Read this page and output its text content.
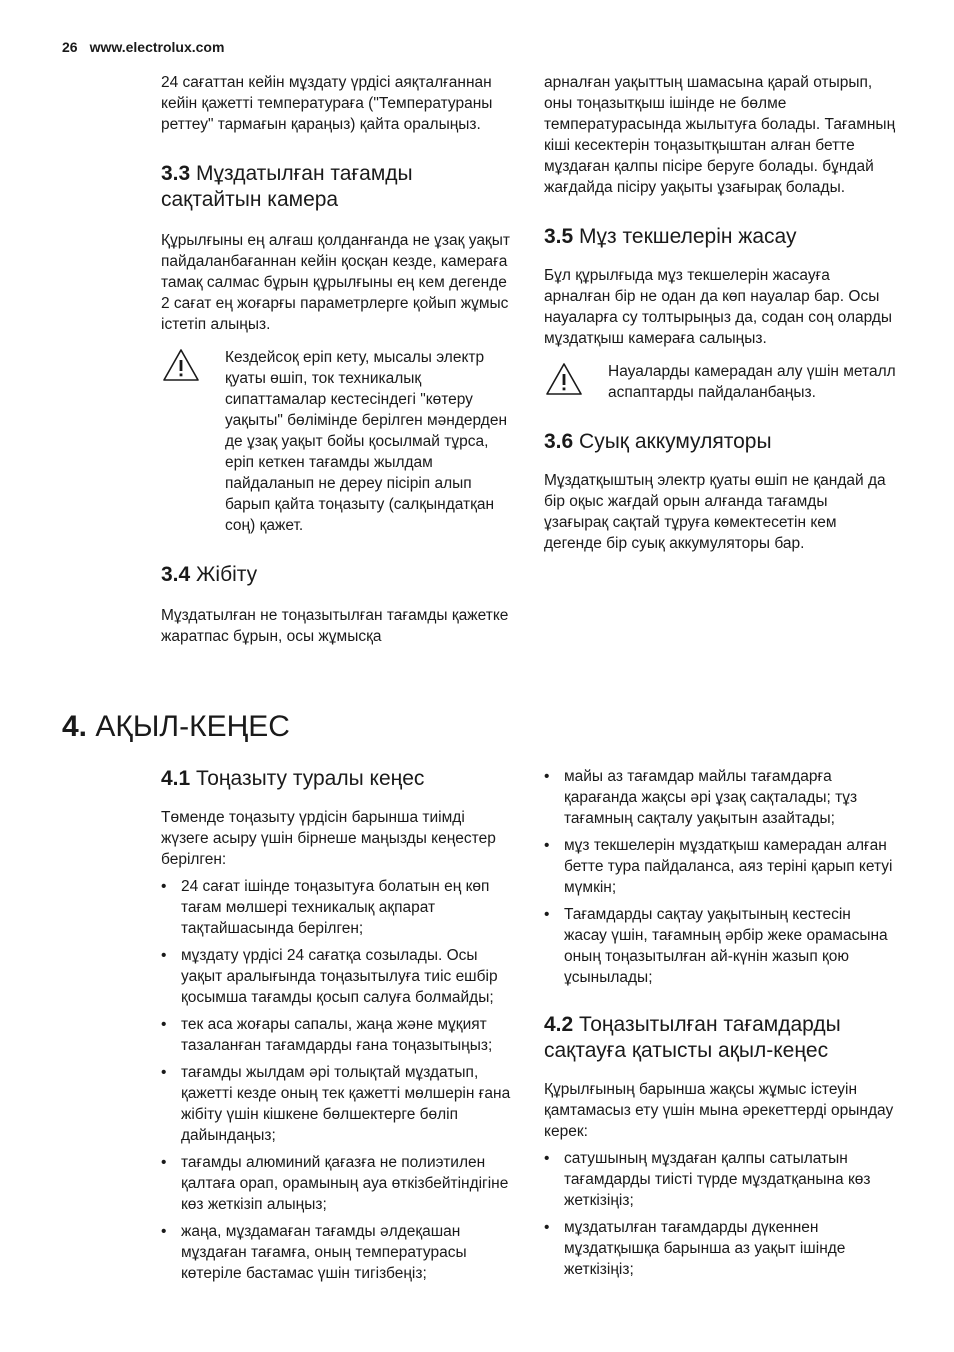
26 www.electrolux.com

24 сағаттан кейін мұздату үрдісі аяқталғаннан кейін қажетті температураға ("Температураны реттеу" тармағын қараңыз) қайта оралыңыз.

3.3 Мұздатылған тағамды сақтайтын камера

Құрылғыны ең алғаш қолданғанда не ұзақ уақыт пайдаланбағаннан кейін қосқан кезде, камераға тамақ салмас бұрын құрылғыны ең кем дегенде 2 сағат ең жоғарғы параметрлерге қойып жұмыс істетіп алыңыз.

Кездейсоқ еріп кету, мысалы электр қуаты өшіп, ток техникалық сипаттамалар кестесіндегі "көтеру уақыты" бөлімінде берілген мәндерден де ұзақ уақыт бойы қосылмай тұрса, еріп кеткен тағамды жылдам пайдаланып не дереу пісіріп алып барып қайта тоңазыту (салқындатқан соң) қажет.

3.4 Жібіту

Мұздатылған не тоңазытылған тағамды қажетке жаратпас бұрын, осы жұмысқа

арналған уақыттың шамасына қарай отырып, оны тоңазытқыш ішінде не бөлме температурасында жылытуға болады. Тағамның кіші кесектерін тоңазытқыштан алған бетте мұздаған қалпы пісіре беруге болады. бұндай жағдайда пісіру уақыты ұзағырақ болады.

3.5 Мұз текшелерін жасау

Бұл құрылғыда мұз текшелерін жасауға арналған бір не одан да көп науалар бар. Осы науаларға су толтырыңыз да, содан соң оларды мұздатқыш камераға салыңыз.

Науаларды камерадан алу үшін металл аспаптарды пайдаланбаңыз.

3.6 Суық аккумуляторы

Мұздатқыштың электр қуаты өшіп не қандай да бір оқыс жағдай орын алғанда тағамды ұзағырақ сақтай тұруға көмектесетін кем дегенде бір суық аккумуляторы бар.

4. АҚЫЛ-КЕҢЕС
4.1 Тоңазыту туралы кеңес

Төменде тоңазыту үрдісін барынша тиімді жүзеге асыру үшін бірнеше маңызды кеңестер берілген:

• 24 сағат ішінде тоңазытуға болатын ең көп тағам мөлшері техникалық ақпарат тақтайшасында берілген;
• мұздату үрдісі 24 сағатқа созылады. Осы уақыт аралығында тоңазытылуға тиіс ешбір қосымша тағамды қосып салуға болмайды;
• тек аса жоғары сапалы, жаңа және мұқият тазаланған тағамдарды ғана тоңазытыңыз;
• тағамды жылдам әрі толықтай мұздатып, қажетті кезде оның тек қажетті мөлшерін ғана жібіту үшін кішкене бөлшектерге бөліп дайындаңыз;
• тағамды алюминий қағазға не полиэтилен қалтаға орап, орамының ауа өткізбейтіндігіне көз жеткізіп алыңыз;
• жаңа, мұздамаған тағамды әлдеқашан мұздаған тағамға, оның температурасы көтеріле бастамас үшін тигізбеңіз;
• майы аз тағамдар майлы тағамдарға қарағанда жақсы әрі ұзақ сақталады; тұз тағамның сақталу уақытын азайтады;
• мұз текшелерін мұздатқыш камерадан алған бетте тура пайдаланса, аяз теріні қарып кетуі мүмкін;
• Тағамдарды сақтау уақытының кестесін жасау үшін, тағамның әрбір жеке орамасына оның тоңазытылған ай-күнін жазып қою ұсынылады;
4.2 Тоңазытылған тағамдарды сақтауға қатысты ақыл-кеңес

Құрылғының барынша жақсы жұмыс істеуін қамтамасыз ету үшін мына әрекеттерді орындау керек:

• сатушының мұздаған қалпы сатылатын тағамдарды тиісті түрде мұздатқанына көз жеткізіңіз;
• мұздатылған тағамдарды дүкеннен мұздатқышқа барынша аз уақыт ішінде жеткізіңіз;
